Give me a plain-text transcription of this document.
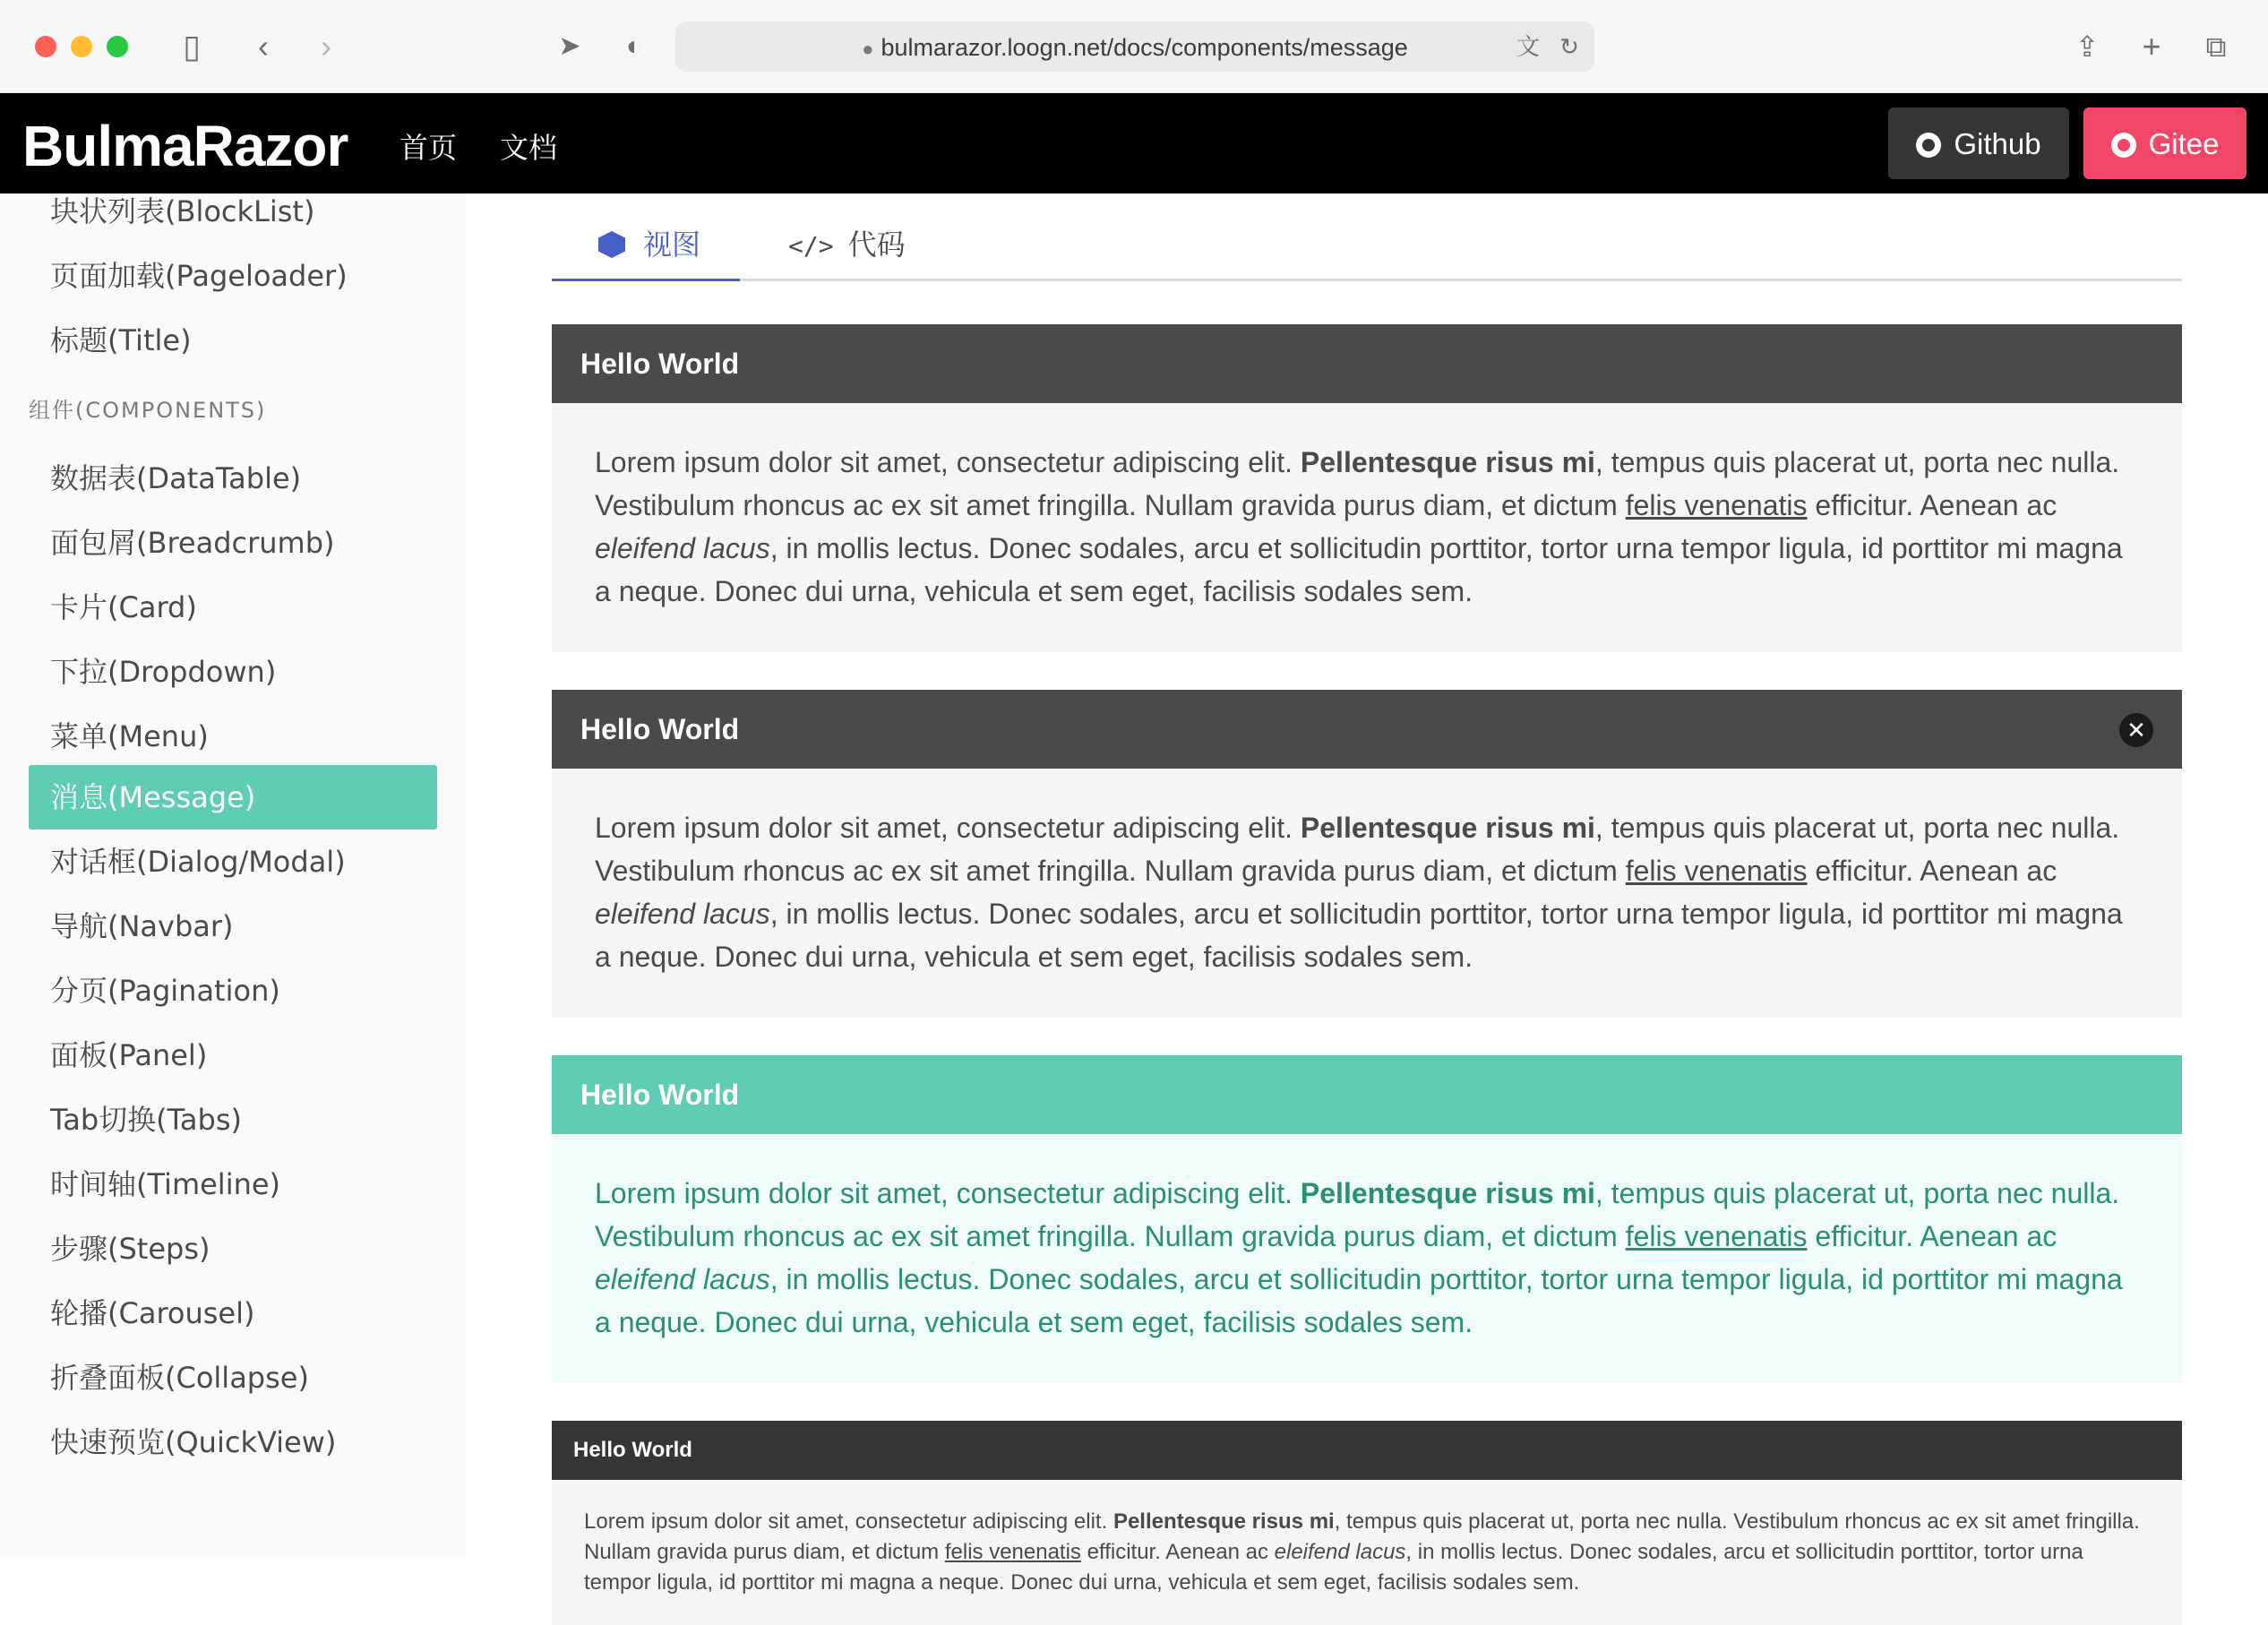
▯	‹	›	➤	◐	● bulmarazor.loogn.net/docs/components/message	文 ↻	⇪	+	⧉
BulmaRazor 首页 文档	Github	Gitee
块状列表(BlockList)
页面加载(Pageloader)
标题(Title)
组件(COMPONENTS)
数据表(DataTable)
面包屑(Breadcrumb)
卡片(Card)
下拉(Dropdown)
菜单(Menu)
消息(Message)
对话框(Dialog/Modal)
导航(Navbar)
分页(Pagination)
面板(Panel)
Tab切换(Tabs)
时间轴(Timeline)
步骤(Steps)
轮播(Carousel)
折叠面板(Collapse)
快速预览(QuickView)
视图	</> 代码
Hello World
Lorem ipsum dolor sit amet, consectetur adipiscing elit. Pellentesque risus mi, tempus quis placerat ut, porta nec nulla. Vestibulum rhoncus ac ex sit amet fringilla. Nullam gravida purus diam, et dictum felis venenatis efficitur. Aenean ac eleifend lacus, in mollis lectus. Donec sodales, arcu et sollicitudin porttitor, tortor urna tempor ligula, id porttitor mi magna a neque. Donec dui urna, vehicula et sem eget, facilisis sodales sem.
Hello World	✕
Lorem ipsum dolor sit amet, consectetur adipiscing elit. Pellentesque risus mi, tempus quis placerat ut, porta nec nulla. Vestibulum rhoncus ac ex sit amet fringilla. Nullam gravida purus diam, et dictum felis venenatis efficitur. Aenean ac eleifend lacus, in mollis lectus. Donec sodales, arcu et sollicitudin porttitor, tortor urna tempor ligula, id porttitor mi magna a neque. Donec dui urna, vehicula et sem eget, facilisis sodales sem.
Hello World
Lorem ipsum dolor sit amet, consectetur adipiscing elit. Pellentesque risus mi, tempus quis placerat ut, porta nec nulla. Vestibulum rhoncus ac ex sit amet fringilla. Nullam gravida purus diam, et dictum felis venenatis efficitur. Aenean ac eleifend lacus, in mollis lectus. Donec sodales, arcu et sollicitudin porttitor, tortor urna tempor ligula, id porttitor mi magna a neque. Donec dui urna, vehicula et sem eget, facilisis sodales sem.
Hello World
Lorem ipsum dolor sit amet, consectetur adipiscing elit. Pellentesque risus mi, tempus quis placerat ut, porta nec nulla. Vestibulum rhoncus ac ex sit amet fringilla. Nullam gravida purus diam, et dictum felis venenatis efficitur. Aenean ac eleifend lacus, in mollis lectus. Donec sodales, arcu et sollicitudin porttitor, tortor urna tempor ligula, id porttitor mi magna a neque. Donec dui urna, vehicula et sem eget, facilisis sodales sem.
